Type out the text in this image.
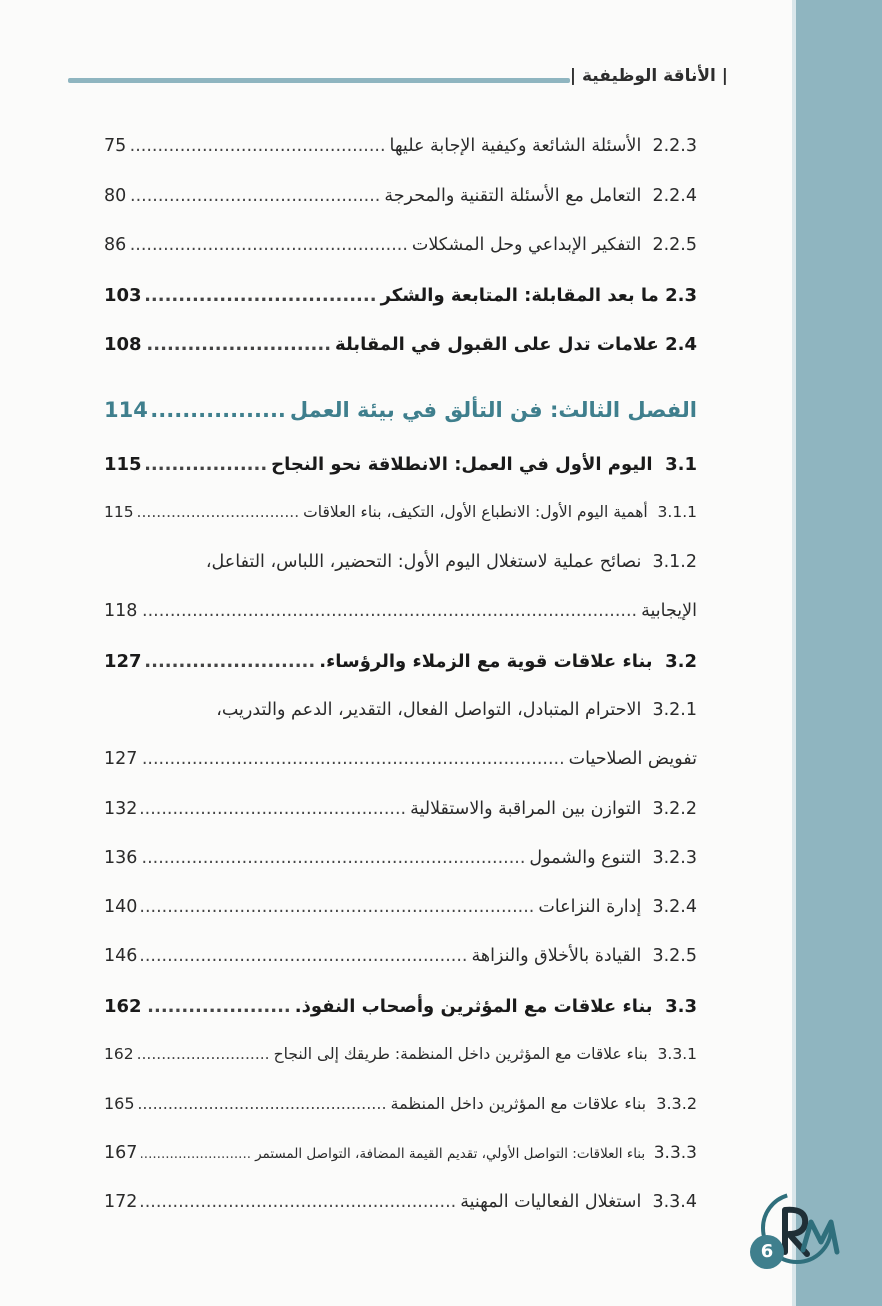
| الأناقة الوظيفية |
2.2.3  الأسئلة الشائعة وكيفية الإجابة عليها
.....
75
2.2.4  التعامل مع الأسئلة التقنية والمحرجة
.....
80
2.2.5  التفكير الإبداعي وحل المشكلات
.....
86
2.3 ما بعد المقابلة: المتابعة والشكر
.....
103
2.4 علامات تدل على القبول في المقابلة
.....
108
الفصل الثالث: فن التألق في بيئة العمل
.....
114
3.1  اليوم الأول في العمل: الانطلاقة نحو النجاح
.....
115
3.1.1  أهمية اليوم الأول: الانطباع الأول، التكيف، بناء العلاقات
.....
115
3.1.2  نصائح عملية لاستغلال اليوم الأول: التحضير، اللباس، التفاعل،
الإيجابية
.....
118
3.2  بناء علاقات قوية مع الزملاء والرؤساء.
.....
127
3.2.1  الاحترام المتبادل، التواصل الفعال، التقدير، الدعم والتدريب،
تفويض الصلاحيات
.....
127
3.2.2  التوازن بين المراقبة والاستقلالية
.....
132
3.2.3  التنوع والشمول
.....
136
3.2.4  إدارة النزاعات
.....
140
3.2.5  القيادة بالأخلاق والنزاهة
.....
146
3.3  بناء علاقات مع المؤثرين وأصحاب النفوذ.
.....
162
3.3.1  بناء علاقات مع المؤثرين داخل المنظمة: طريقك إلى النجاح
.....
162
3.3.2  بناء علاقات مع المؤثرين داخل المنظمة
.....
165
3.3.3  بناء العلاقات: التواصل الأولي، تقديم القيمة المضافة، التواصل المستمر
.....
167
3.3.4  استغلال الفعاليات المهنية
.....
172
6
